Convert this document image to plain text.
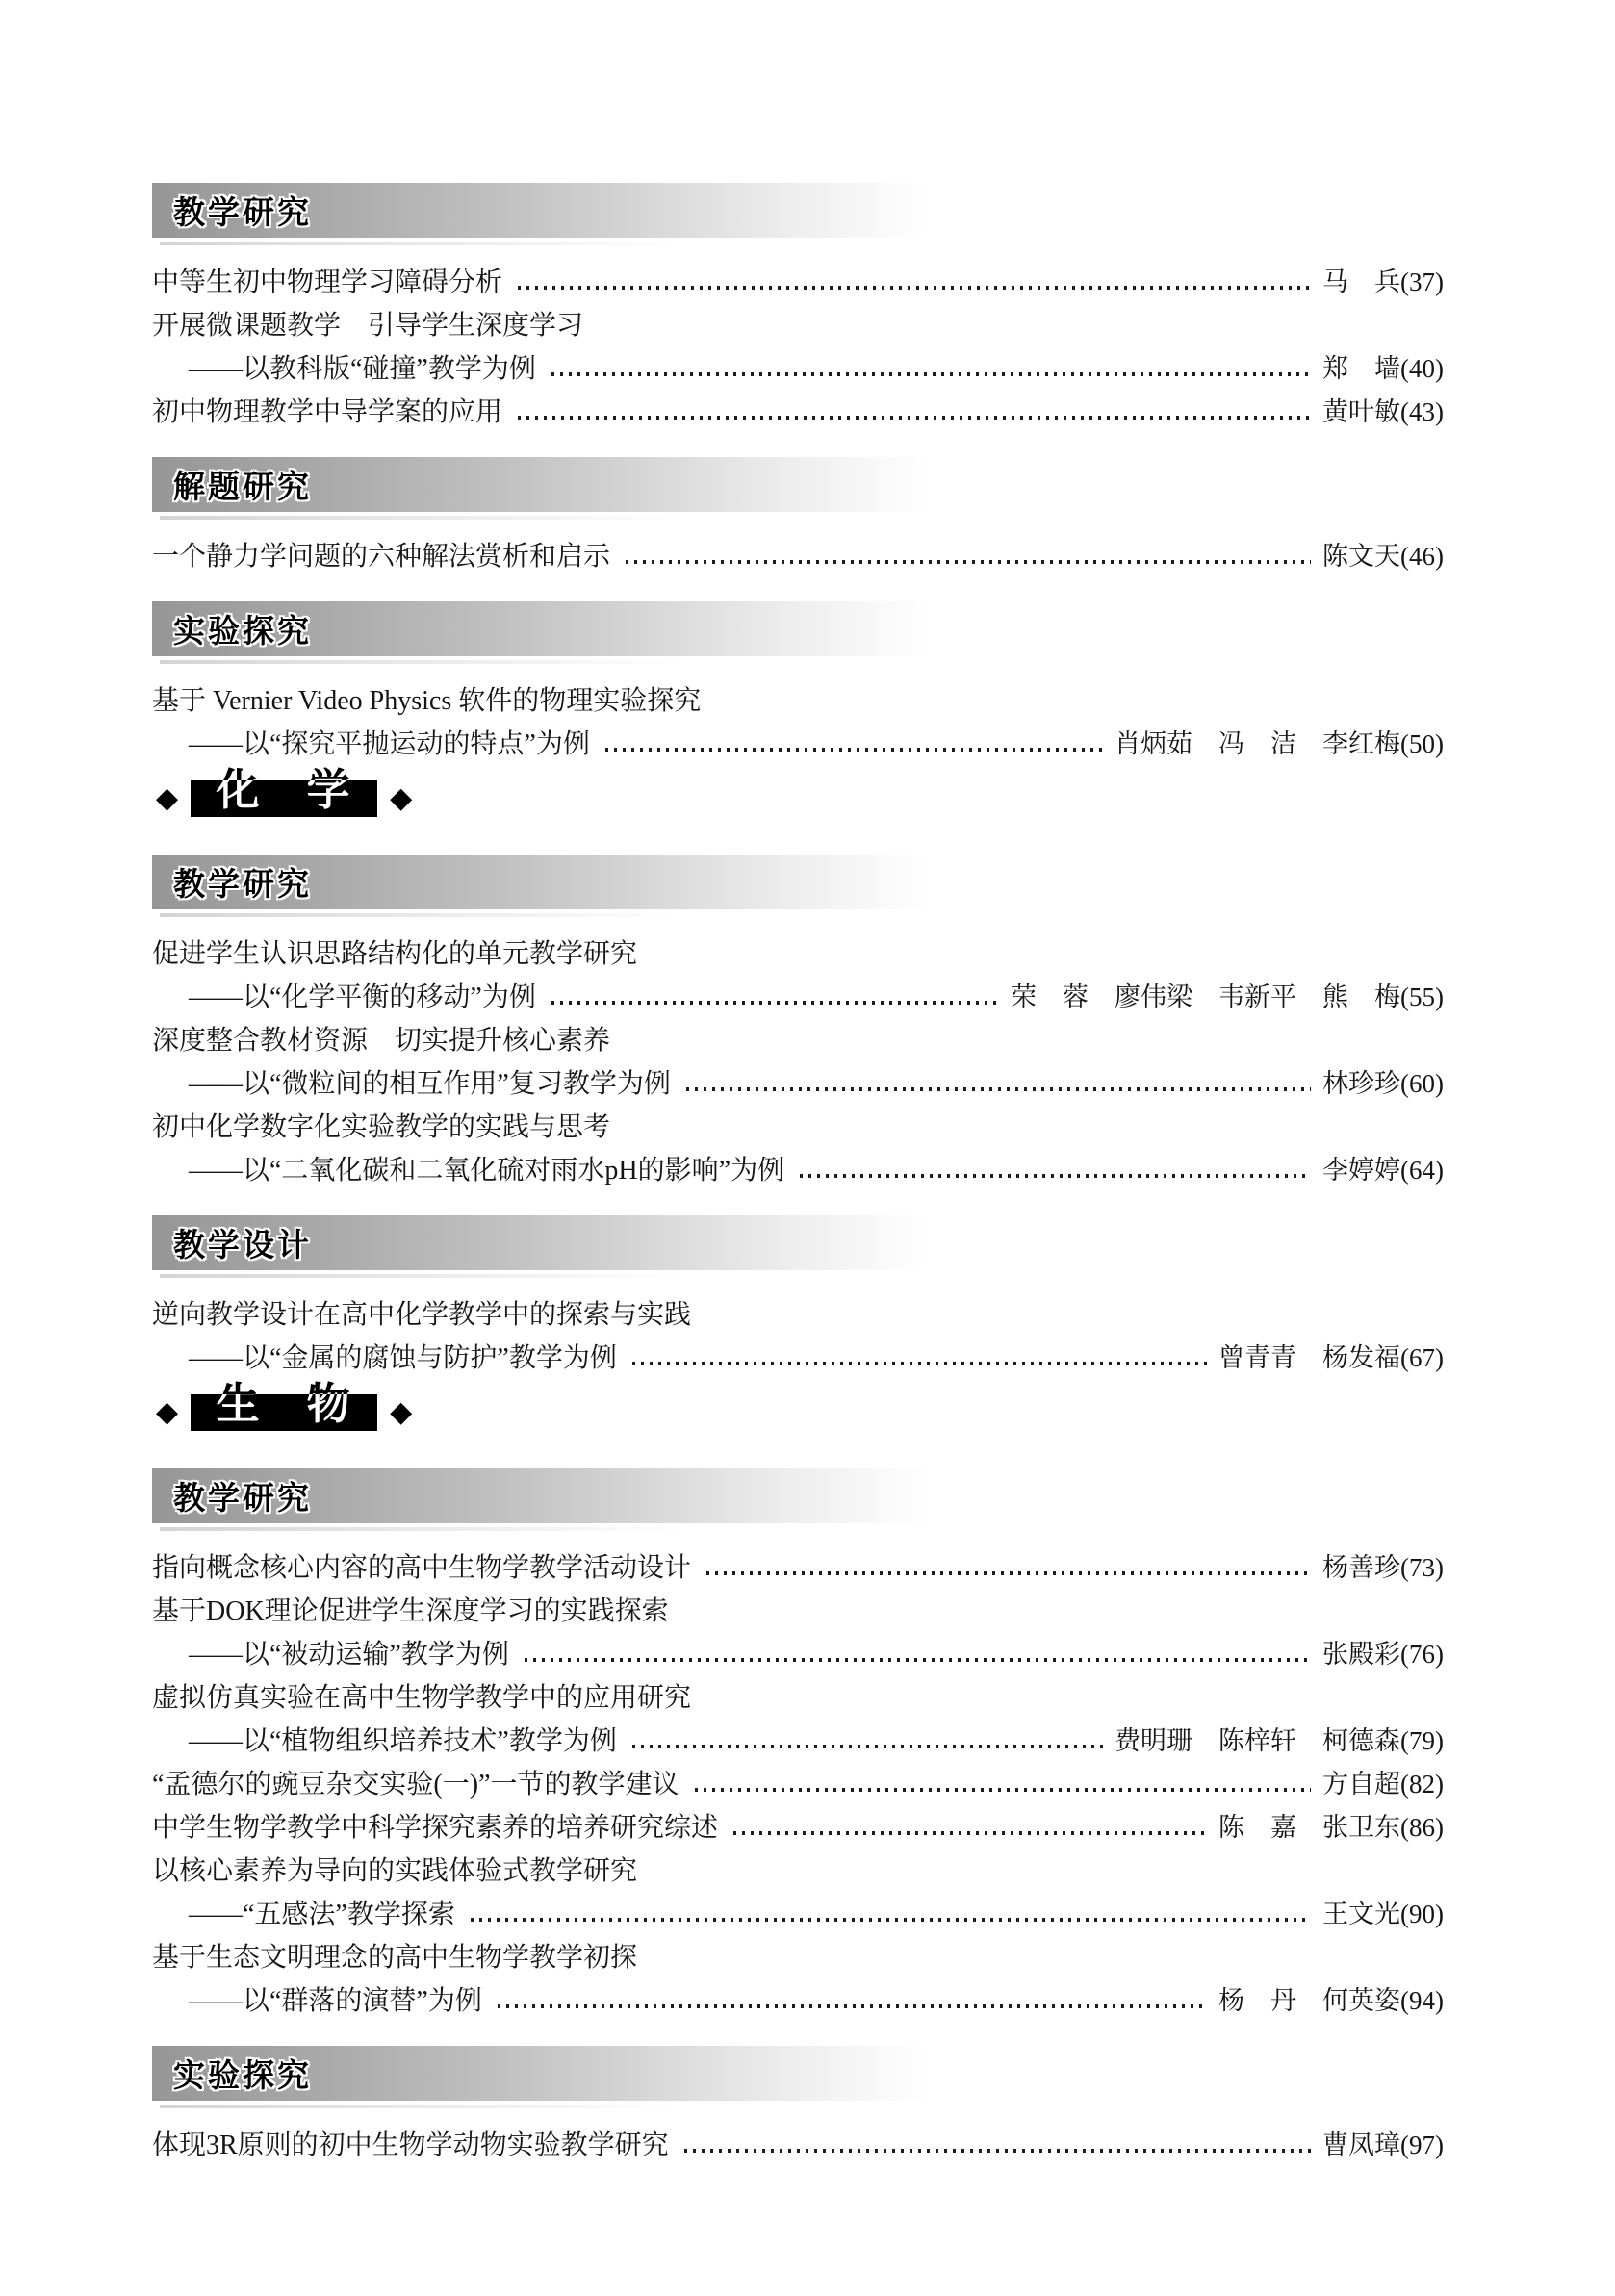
教学研究
中等生初中物理学习障碍分析	马　兵 (37)
开展微课题教学　引导学生深度学习
——以教科版“碰撞”教学为例	郑　墙 (40)
初中物理教学中导学案的应用	黄叶敏 (43)
解题研究
一个静力学问题的六种解法赏析和启示	陈文天 (46)
实验探究
基于 Vernier Video Physics 软件的物理实验探究
——以“探究平抛运动的特点”为例	肖炳茹　冯　洁　李红梅 (50)
◆ 化　学	◆
教学研究
促进学生认识思路结构化的单元教学研究
——以“化学平衡的移动”为例	荣　蓉　廖伟梁　韦新平　熊　梅 (55)
深度整合教材资源　切实提升核心素养
——以“微粒间的相互作用”复习教学为例	林珍珍 (60)
初中化学数字化实验教学的实践与思考
——以“二氧化碳和二氧化硫对雨水pH的影响”为例	李婷婷 (64)
教学设计
逆向教学设计在高中化学教学中的探索与实践
——以“金属的腐蚀与防护”教学为例	曾青青　杨发福 (67)
◆ 生　物	◆
教学研究
指向概念核心内容的高中生物学教学活动设计	杨善珍 (73)
基于DOK理论促进学生深度学习的实践探索
——以“被动运输”教学为例	张殿彩 (76)
虚拟仿真实验在高中生物学教学中的应用研究
——以“植物组织培养技术”教学为例	费明珊　陈梓轩　柯德森 (79)
“孟德尔的豌豆杂交实验(一)”一节的教学建议	方自超 (82)
中学生物学教学中科学探究素养的培养研究综述	陈　嘉　张卫东 (86)
以核心素养为导向的实践体验式教学研究
——“五感法”教学探索	王文光 (90)
基于生态文明理念的高中生物学教学初探
——以“群落的演替”为例	杨　丹　何英姿 (94)
实验探究
体现3R原则的初中生物学动物实验教学研究	曹凤璋 (97)
